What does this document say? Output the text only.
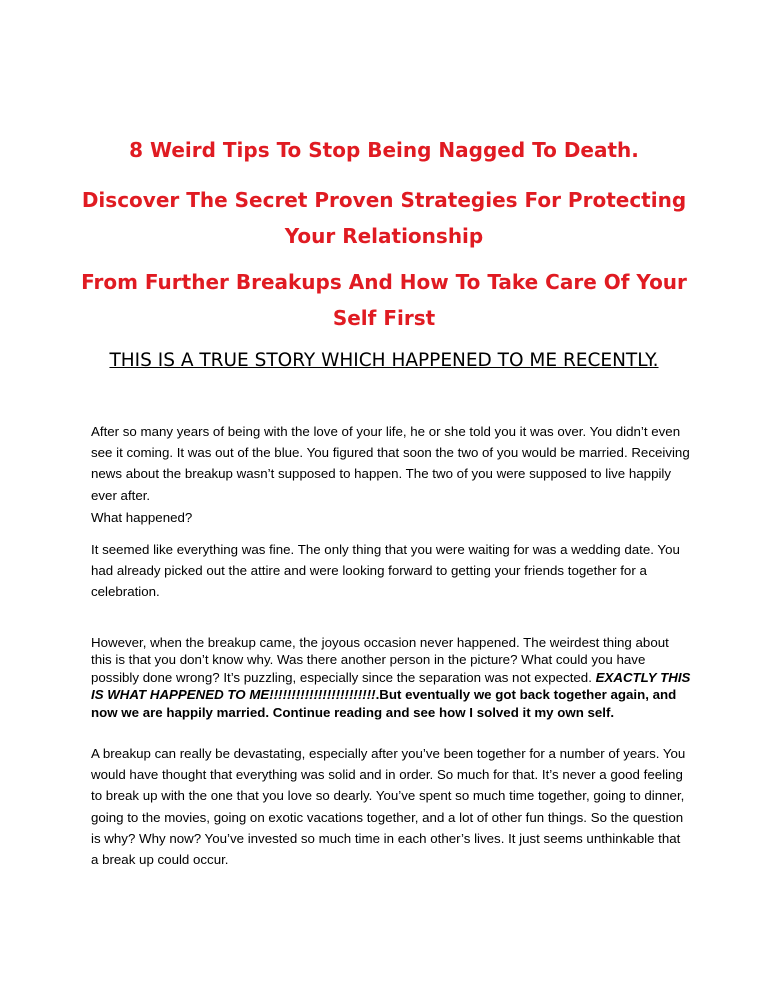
8 Weird Tips To Stop Being Nagged To Death.
Discover The Secret Proven Strategies For Protecting Your Relationship
From Further Breakups And How To Take Care Of Your Self First

THIS IS A TRUE STORY WHICH HAPPENED TO ME RECENTLY.

After so many years of being with the love of your life, he or she told you it was over. You didn’t even see it coming. It was out of the blue. You figured that soon the two of you would be married. Receiving news about the breakup wasn’t supposed to happen. The two of you were supposed to live happily ever after.

What happened?

It seemed like everything was fine. The only thing that you were waiting for was a wedding date. You had already picked out the attire and were looking forward to getting your friends together for a celebration.

However, when the breakup came, the joyous occasion never happened. The weirdest thing about this is that you don’t know why. Was there another person in the picture? What could you have possibly done wrong? It’s puzzling, especially since the separation was not expected. EXACTLY THIS IS WHAT HAPPENED TO ME!!!!!!!!!!!!!!!!!!!!!!!!.But eventually we got back together again, and now we are happily married. Continue reading and see how I solved it my own self.

A breakup can really be devastating, especially after you’ve been together for a number of years. You would have thought that everything was solid and in order. So much for that. It’s never a good feeling to break up with the one that you love so dearly. You’ve spent so much time together, going to dinner, going to the movies, going on exotic vacations together, and a lot of other fun things. So the question is why? Why now? You’ve invested so much time in each other’s lives. It just seems unthinkable that a break up could occur.
